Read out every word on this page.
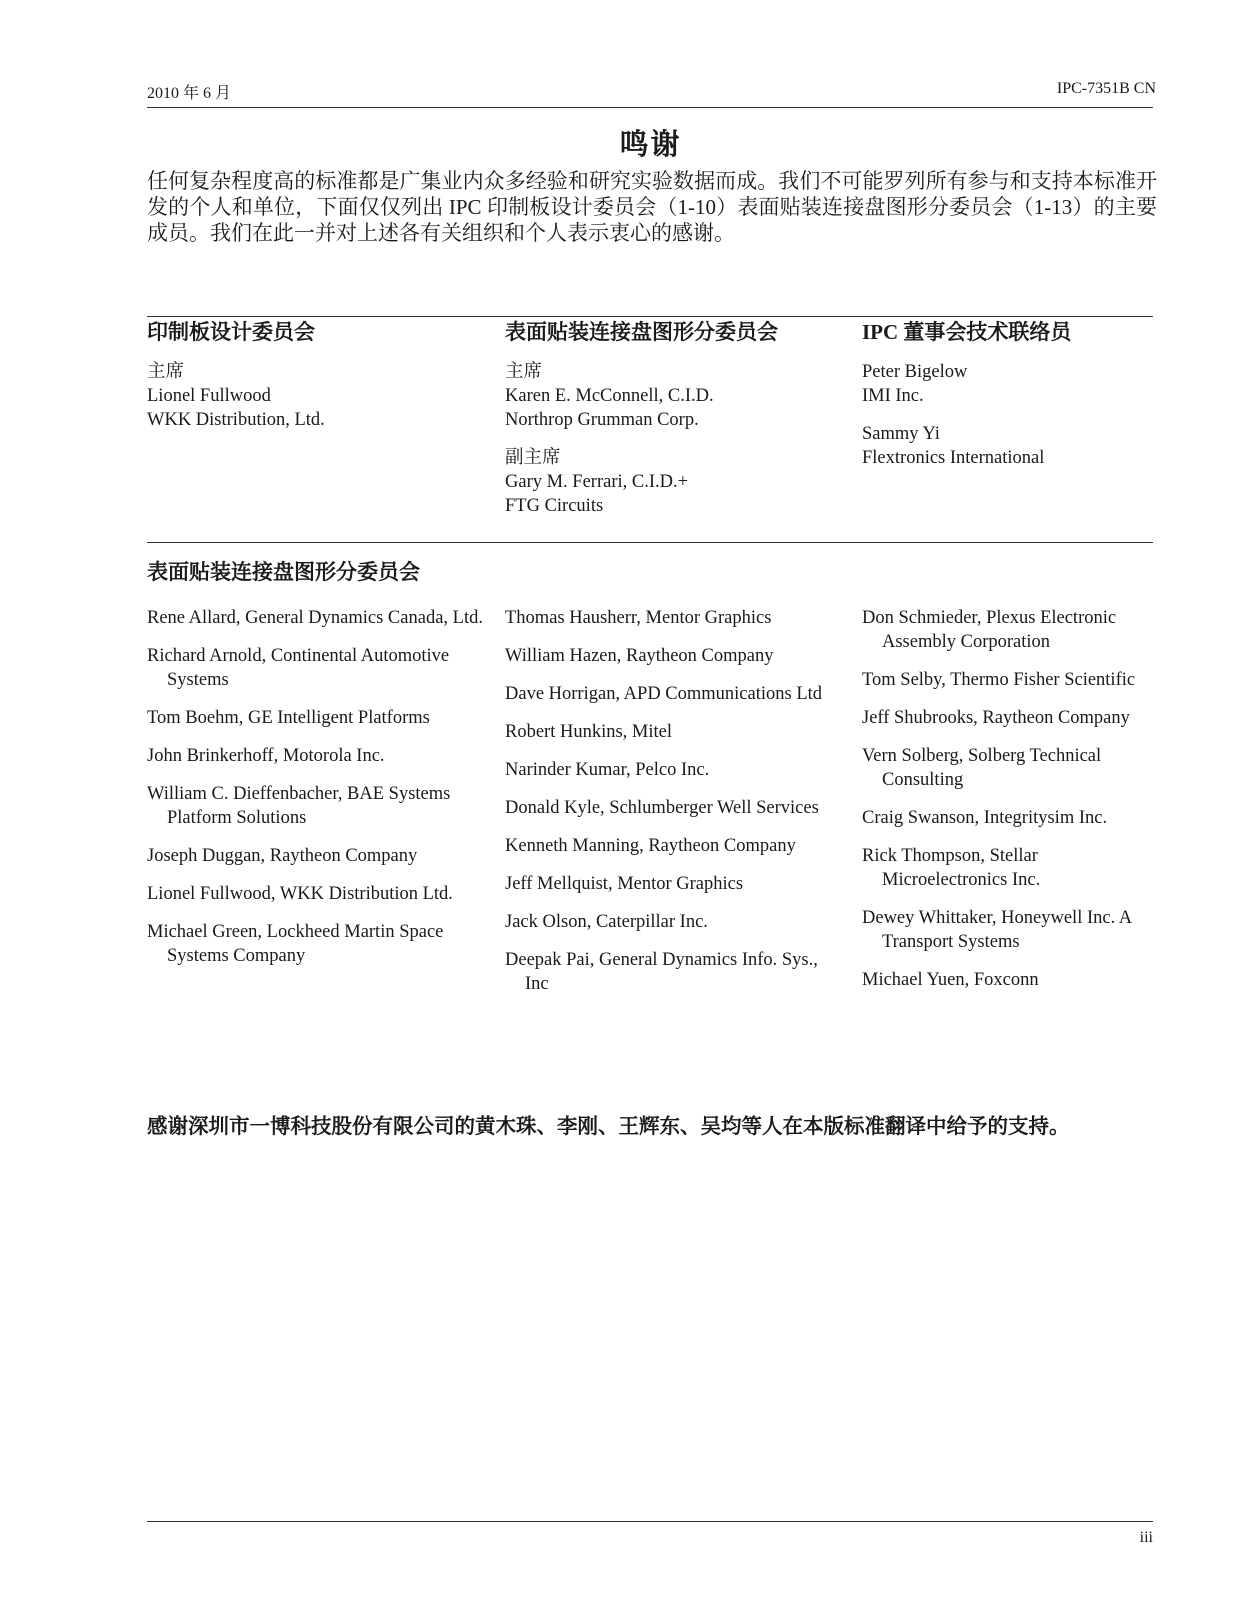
2010 年 6 月	IPC-7351B CN
鸣谢
任何复杂程度高的标准都是广集业内众多经验和研究实验数据而成。我们不可能罗列所有参与和支持本标准开发的个人和单位，下面仅仅列出 IPC 印制板设计委员会（1-10）表面贴装连接盘图形分委员会（1-13）的主要成员。我们在此一并对上述各有关组织和个人表示衷心的感谢。
印制板设计委员会
主席
Lionel Fullwood
WKK Distribution, Ltd.
表面贴装连接盘图形分委员会
主席
Karen E. McConnell, C.I.D.
Northrop Grumman Corp.
副主席
Gary M. Ferrari, C.I.D.+
FTG Circuits
IPC 董事会技术联络员
Peter Bigelow
IMI Inc.
Sammy Yi
Flextronics International
表面贴装连接盘图形分委员会
Rene Allard, General Dynamics Canada, Ltd.
Richard Arnold, Continental Automotive Systems
Tom Boehm, GE Intelligent Platforms
John Brinkerhoff, Motorola Inc.
William C. Dieffenbacher, BAE Systems Platform Solutions
Joseph Duggan, Raytheon Company
Lionel Fullwood, WKK Distribution Ltd.
Michael Green, Lockheed Martin Space Systems Company
Thomas Hausherr, Mentor Graphics
William Hazen, Raytheon Company
Dave Horrigan, APD Communications Ltd
Robert Hunkins, Mitel
Narinder Kumar, Pelco Inc.
Donald Kyle, Schlumberger Well Services
Kenneth Manning, Raytheon Company
Jeff Mellquist, Mentor Graphics
Jack Olson, Caterpillar Inc.
Deepak Pai, General Dynamics Info. Sys., Inc
Don Schmieder, Plexus Electronic Assembly Corporation
Tom Selby, Thermo Fisher Scientific
Jeff Shubrooks, Raytheon Company
Vern Solberg, Solberg Technical Consulting
Craig Swanson, Integritysim Inc.
Rick Thompson, Stellar Microelectronics Inc.
Dewey Whittaker, Honeywell Inc. A Transport Systems
Michael Yuen, Foxconn
感谢深圳市一博科技股份有限公司的黄木珠、李刚、王辉东、吴均等人在本版标准翻译中给予的支持。
iii
